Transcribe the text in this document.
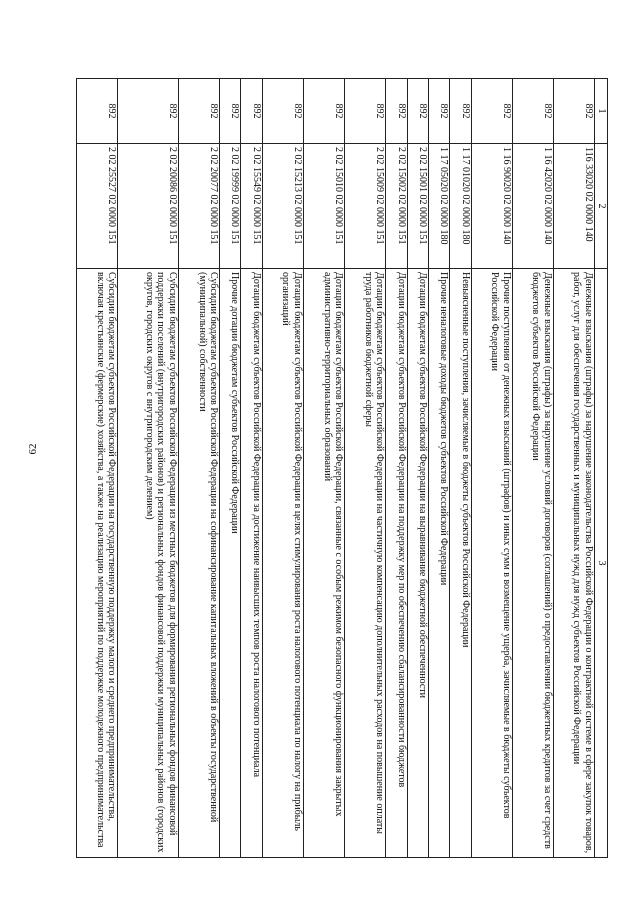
62
1	2	3
892	116 33020 02 0000 140	Денежные взыскания (штрафы) за нарушение законодательства Российской Федерации о контрактной системе в сфере закупок товаров, работ, услуг для обеспечения государственных и муниципальных нужд для нужд субъектов Российской Федерации
892	1 16 42020 02 0000 140	Денежные взыскания (штрафы) за нарушение условий договоров (соглашений) о предоставлении бюджетных кредитов за счет средств бюджетов субъектов Российской Федерации
892	1 16 90020 02 0000 140	Прочие поступления от денежных взысканий (штрафов) и иных сумм в возмещение ущерба, зачисляемые в бюджеты субъектов Российской Федерации
892	1 17 01020 02 0000 180	Невыясненные поступления, зачисляемые в бюджеты субъектов Российской Федерации
892	1 17 05020 02 0000 180	Прочие неналоговые доходы бюджетов субъектов Российской Федерации
892	2 02 15001 02 0000 151	Дотации бюджетам субъектов Российской Федерации на выравнивание бюджетной обеспеченности
892	2 02 15002 02 0000 151	Дотации бюджетам субъектов Российской Федерации на поддержку мер по обеспечению сбалансированности бюджетов
892	2 02 15009 02 0000 151	Дотации бюджетам субъектов Российской Федерации на частичную компенсацию дополнительных расходов на повышение оплаты труда работников бюджетной сферы
892	2 02 15010 02 0000 151	Дотации бюджетам субъектов Российской Федерации, связанные с особым режимом безопасного функционирования закрытых административно-территориальных образований
892	2 02 15213 02 0000 151	Дотации бюджетам субъектов Российской Федерации в целях стимулирования роста налогового потенциала по налогу на прибыль организаций
892	2 02 15549 02 0000 151	Дотации бюджетам субъектов Российской Федерации за достижение наивысших темпов роста налогового потенциала
892	2 02 19999 02 0000 151	Прочие дотации бюджетам субъектов Российской Федерации
892	2 02 20077 02 0000 151	Субсидии бюджетам субъектов Российской Федерации на софинансирование капитальных вложений в объекты государственной (муниципальной) собственности
892	2 02 20086 02 0000 151	Субсидии бюджетам субъектов Российской Федерации из местных бюджетов для формирования региональных фондов финансовой поддержки поселений (внутригородских районов) и региональных фондов финансовой поддержки муниципальных районов (городских округов, городских округов с внутригородским делением)
892	2 02 25527 02 0000 151	Субсидии бюджетам субъектов Российской Федерации на государственную поддержку малого и среднего предпринимательства, включая крестьянские (фермерские) хозяйства, а также на реализацию мероприятий по поддержке молодежного предпринимательства
